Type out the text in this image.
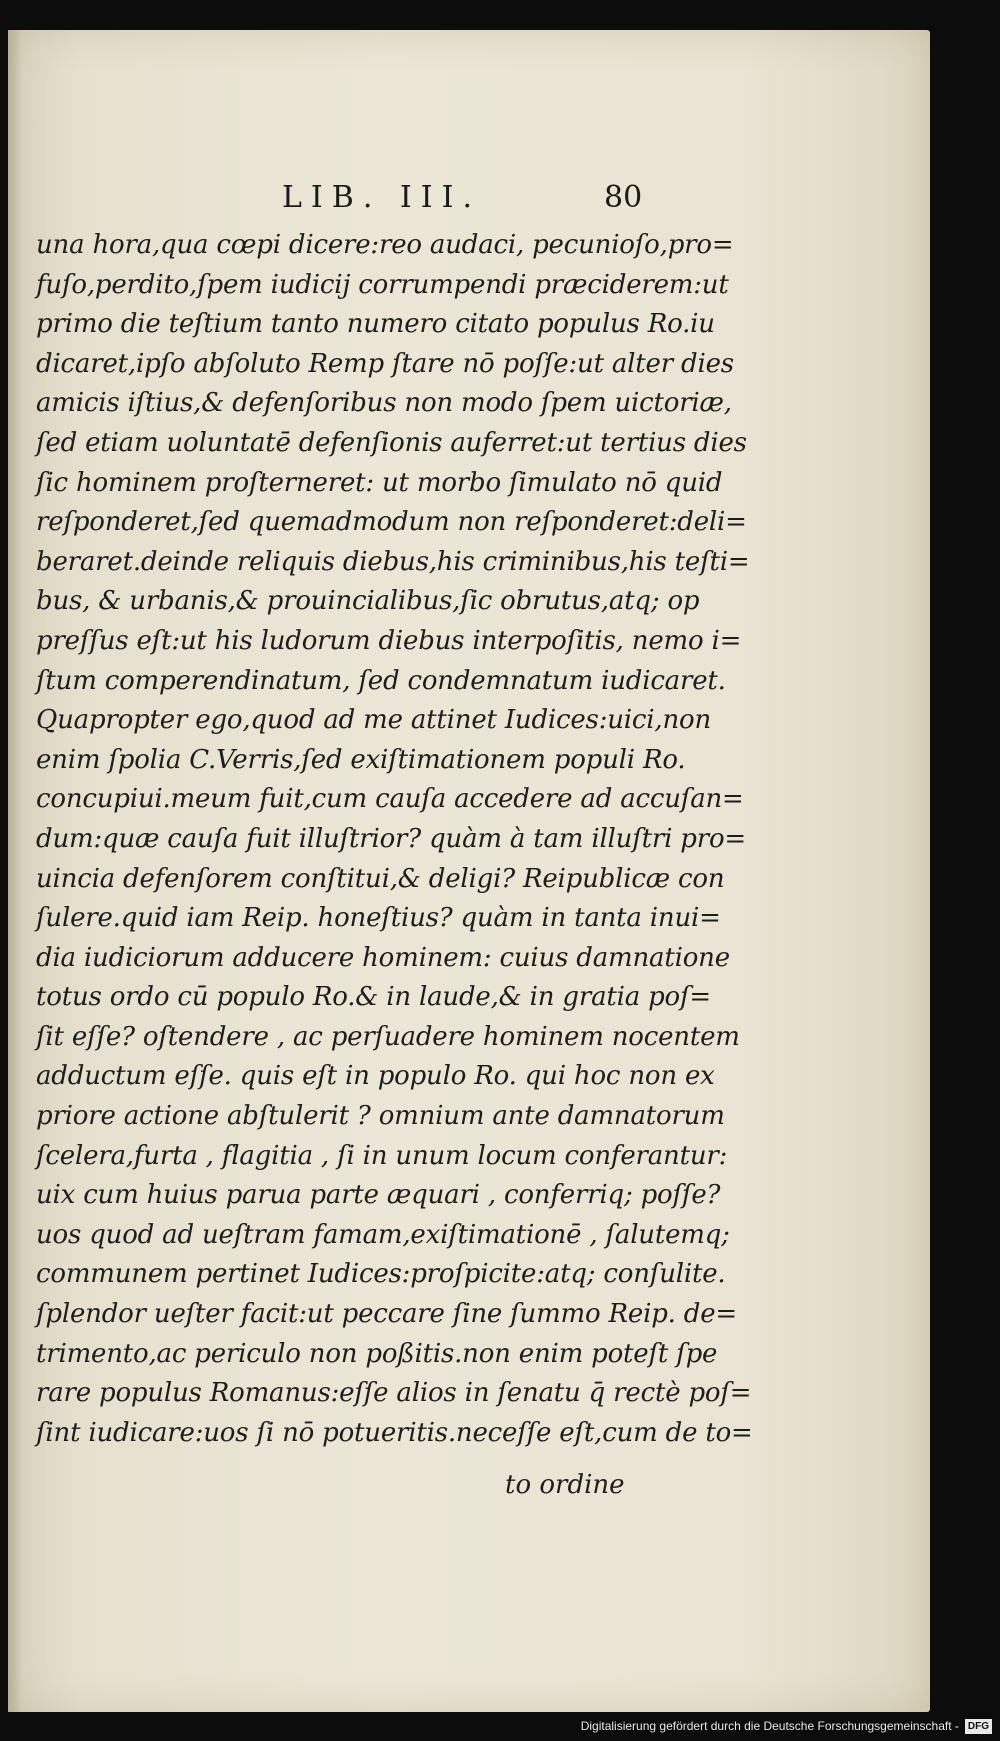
LIB. III.	80
una hora,qua cœpi dicere:reo audaci, pecunioſo,pro=
fuſo,perdito,ſpem iudicij corrumpendi præciderem:ut
primo die teſtium tanto numero citato populus Ro.iu
dicaret,ipſo abſoluto Remp ſtare nō poſſe:ut alter dies
amicis iſtius,& defenſoribus non modo ſpem uictoriæ,
ſed etiam uoluntatē defenſionis auferret:ut tertius dies
ſic hominem proſterneret: ut morbo ſimulato nō quid
reſponderet,ſed quemadmodum non reſponderet:deli=
beraret.deinde reliquis diebus,his criminibus,his teſti=
bus, & urbanis,& prouincialibus,ſic obrutus,atq; op
preſſus eſt:ut his ludorum diebus interpoſitis, nemo i=
ſtum comperendinatum, ſed condemnatum iudicaret.
Quapropter ego,quod ad me attinet Iudices:uici,non
enim ſpolia C.Verris,ſed exiſtimationem populi Ro.
concupiui.meum fuit,cum cauſa accedere ad accuſan=
dum:quæ cauſa fuit illuſtrior? quàm à tam illuſtri pro=
uincia defenſorem conſtitui,& deligi? Reipublicæ con
ſulere.quid iam Reip. honeſtius? quàm in tanta inui=
dia iudiciorum adducere hominem: cuius damnatione
totus ordo cū populo Ro.& in laude,& in gratia poſ=
ſit eſſe? oſtendere , ac perſuadere hominem nocentem
adductum eſſe. quis eſt in populo Ro. qui hoc non ex
priore actione abſtulerit ? omnium ante damnatorum
ſcelera,furta , flagitia , ſi in unum locum conferantur:
uix cum huius parua parte æquari , conferriq; poſſe?
uos quod ad ueſtram famam,exiſtimationē , ſalutemq;
communem pertinet Iudices:proſpicite:atq; conſulite.
ſplendor ueſter facit:ut peccare ſine ſummo Reip. de=
trimento,ac periculo non poßitis.non enim poteſt ſpe
rare populus Romanus:eſſe alios in ſenatu q̄ rectè poſ=
ſint iudicare:uos ſi nō potueritis.neceſſe eſt,cum de to=
to ordine
Digitalisierung gefördert durch die Deutsche Forschungsgemeinschaft - DFG
